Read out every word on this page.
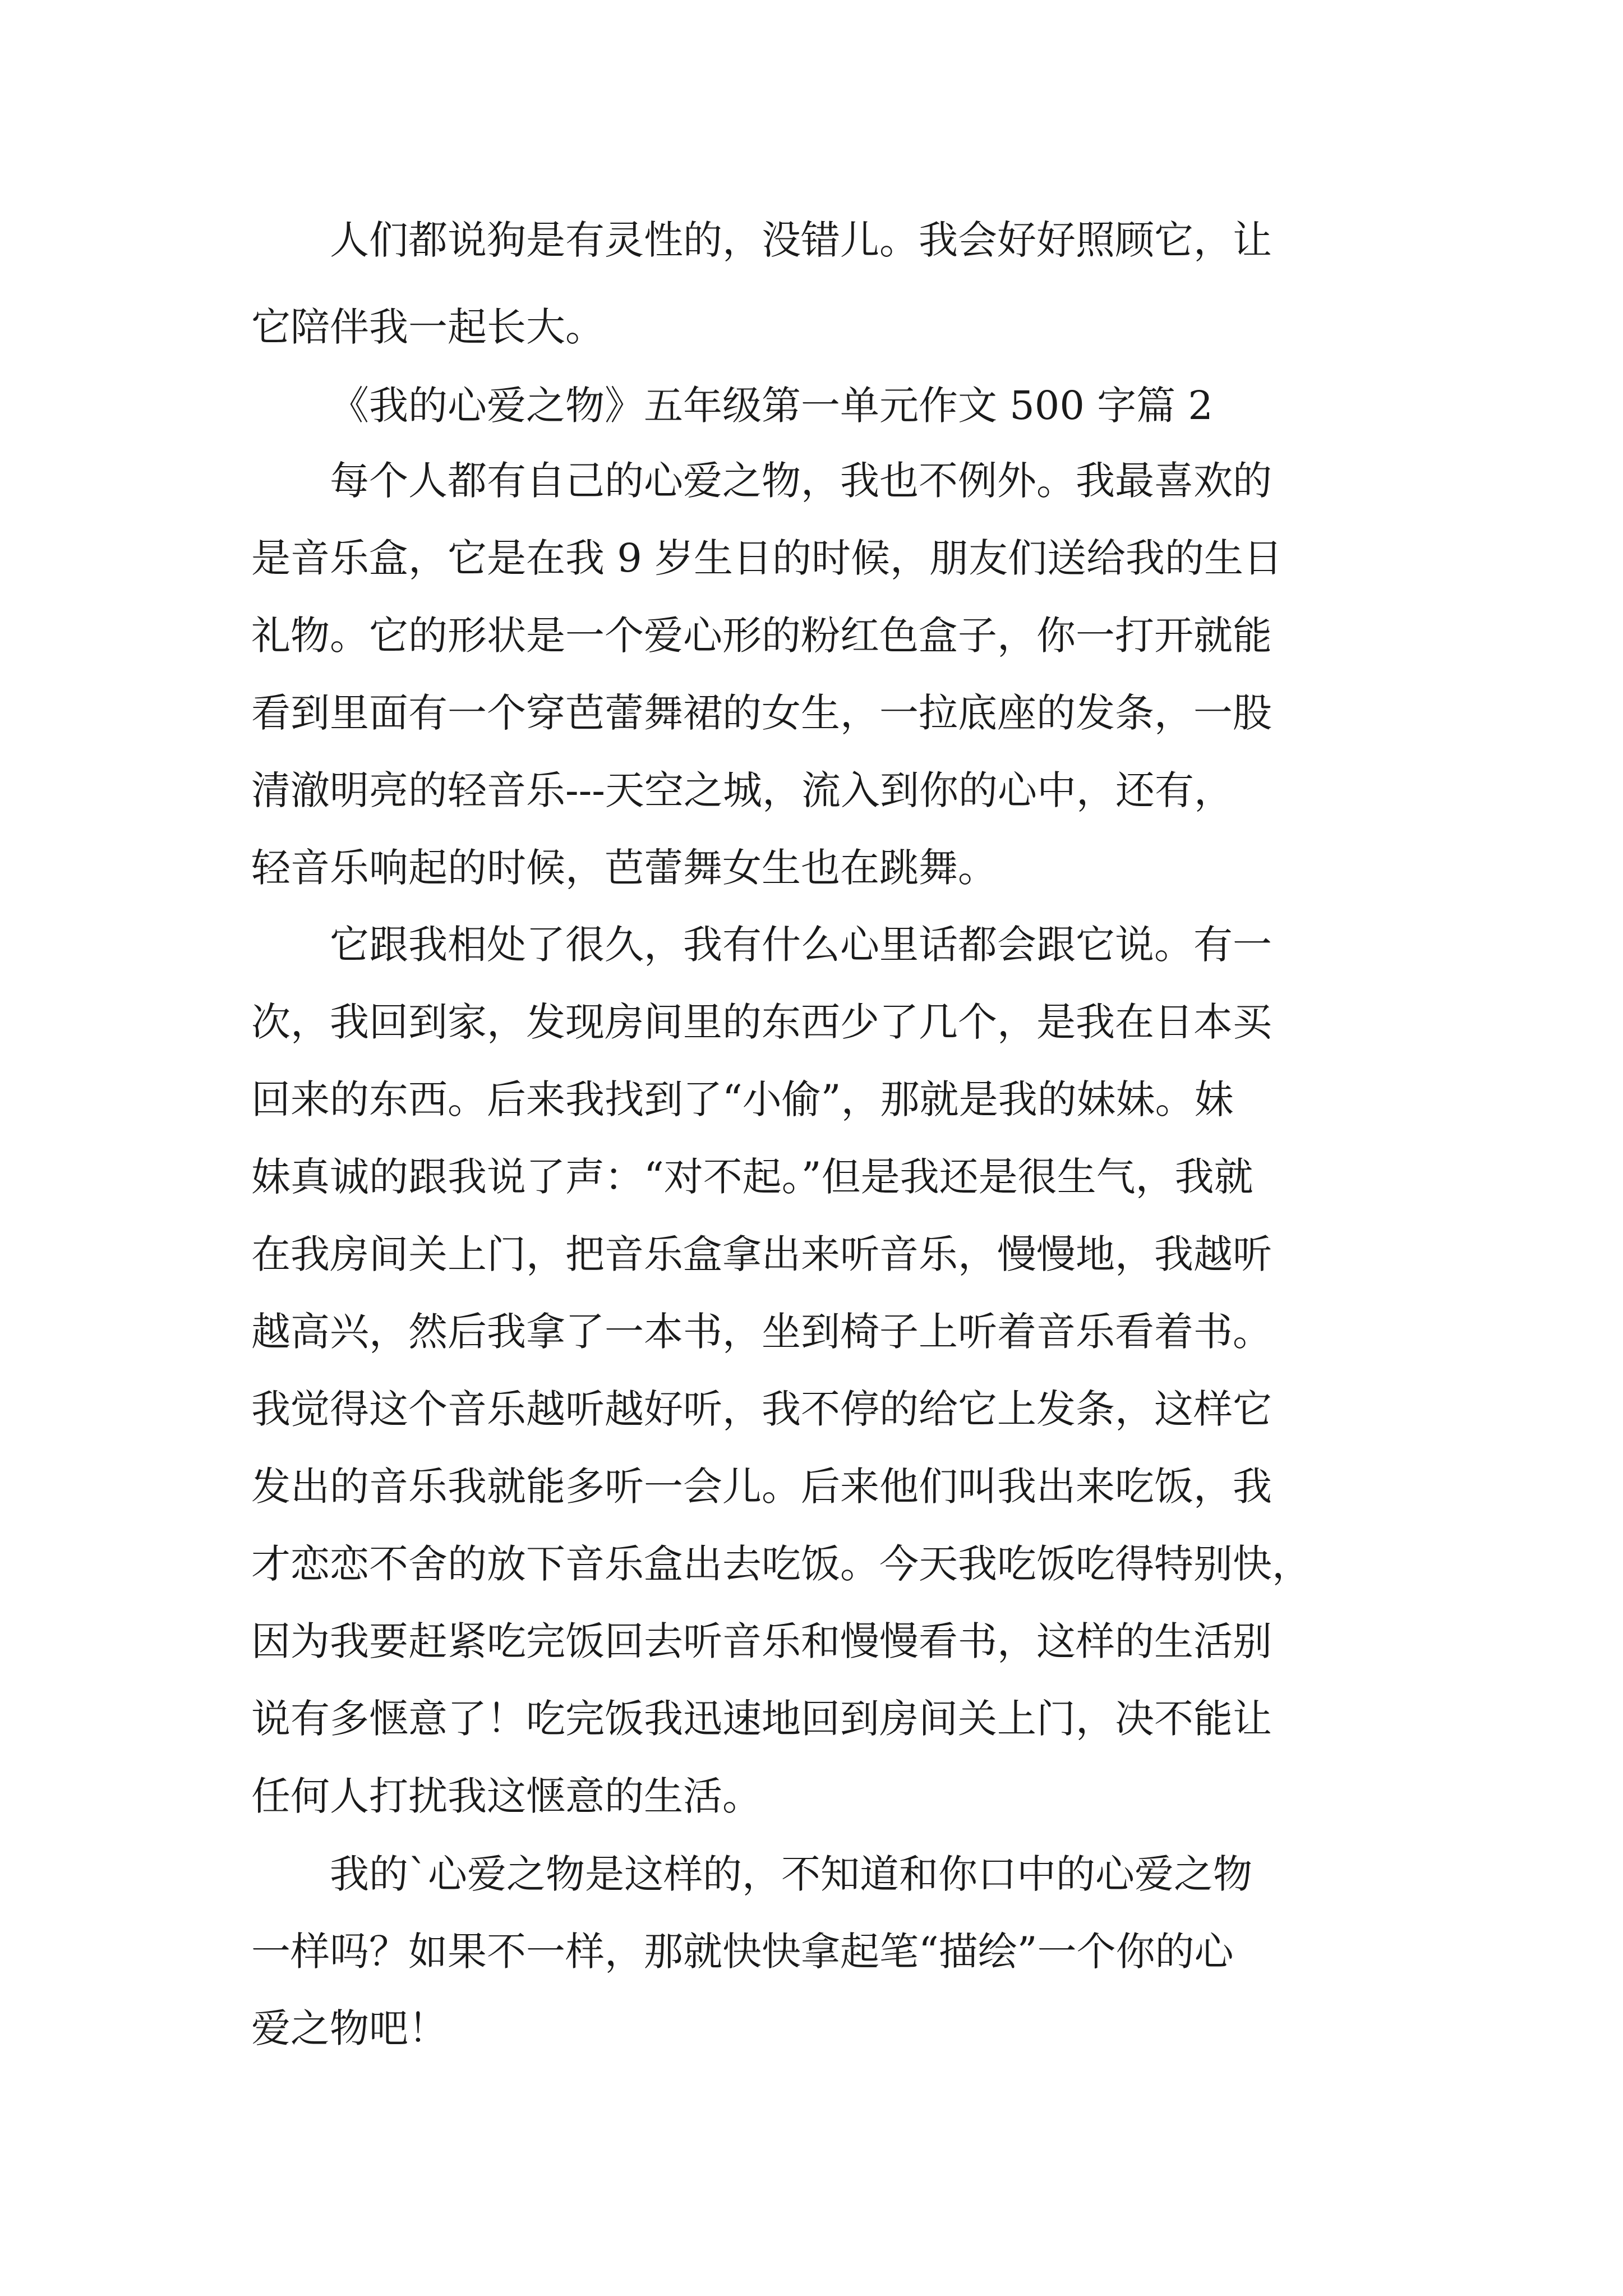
人们都说狗是有灵性的，没错儿。我会好好照顾它，让

它陪伴我一起长大。

《我的心爱之物》五年级第一单元作文 500 字篇 2

每个人都有自己的心爱之物，我也不例外。我最喜欢的

是音乐盒，它是在我 9 岁生日的时候，朋友们送给我的生日

礼物。它的形状是一个爱心形的粉红色盒子，你一打开就能

看到里面有一个穿芭蕾舞裙的女生，一拉底座的发条，一股

清澈明亮的轻音乐---天空之城，流入到你的心中，还有，

轻音乐响起的时候，芭蕾舞女生也在跳舞。

它跟我相处了很久，我有什么心里话都会跟它说。有一

次，我回到家，发现房间里的东西少了几个，是我在日本买

回来的东西。后来我找到了“小偷”，那就是我的妹妹。妹

妹真诚的跟我说了声：“对不起。”但是我还是很生气，我就

在我房间关上门，把音乐盒拿出来听音乐，慢慢地，我越听

越高兴，然后我拿了一本书，坐到椅子上听着音乐看着书。

我觉得这个音乐越听越好听，我不停的给它上发条，这样它

发出的音乐我就能多听一会儿。后来他们叫我出来吃饭，我

才恋恋不舍的放下音乐盒出去吃饭。今天我吃饭吃得特别快，

因为我要赶紧吃完饭回去听音乐和慢慢看书，这样的生活别

说有多惬意了！吃完饭我迅速地回到房间关上门，决不能让

任何人打扰我这惬意的生活。

我的`心爱之物是这样的，不知道和你口中的心爱之物

一样吗？如果不一样，那就快快拿起笔“描绘”一个你的心

爱之物吧！
